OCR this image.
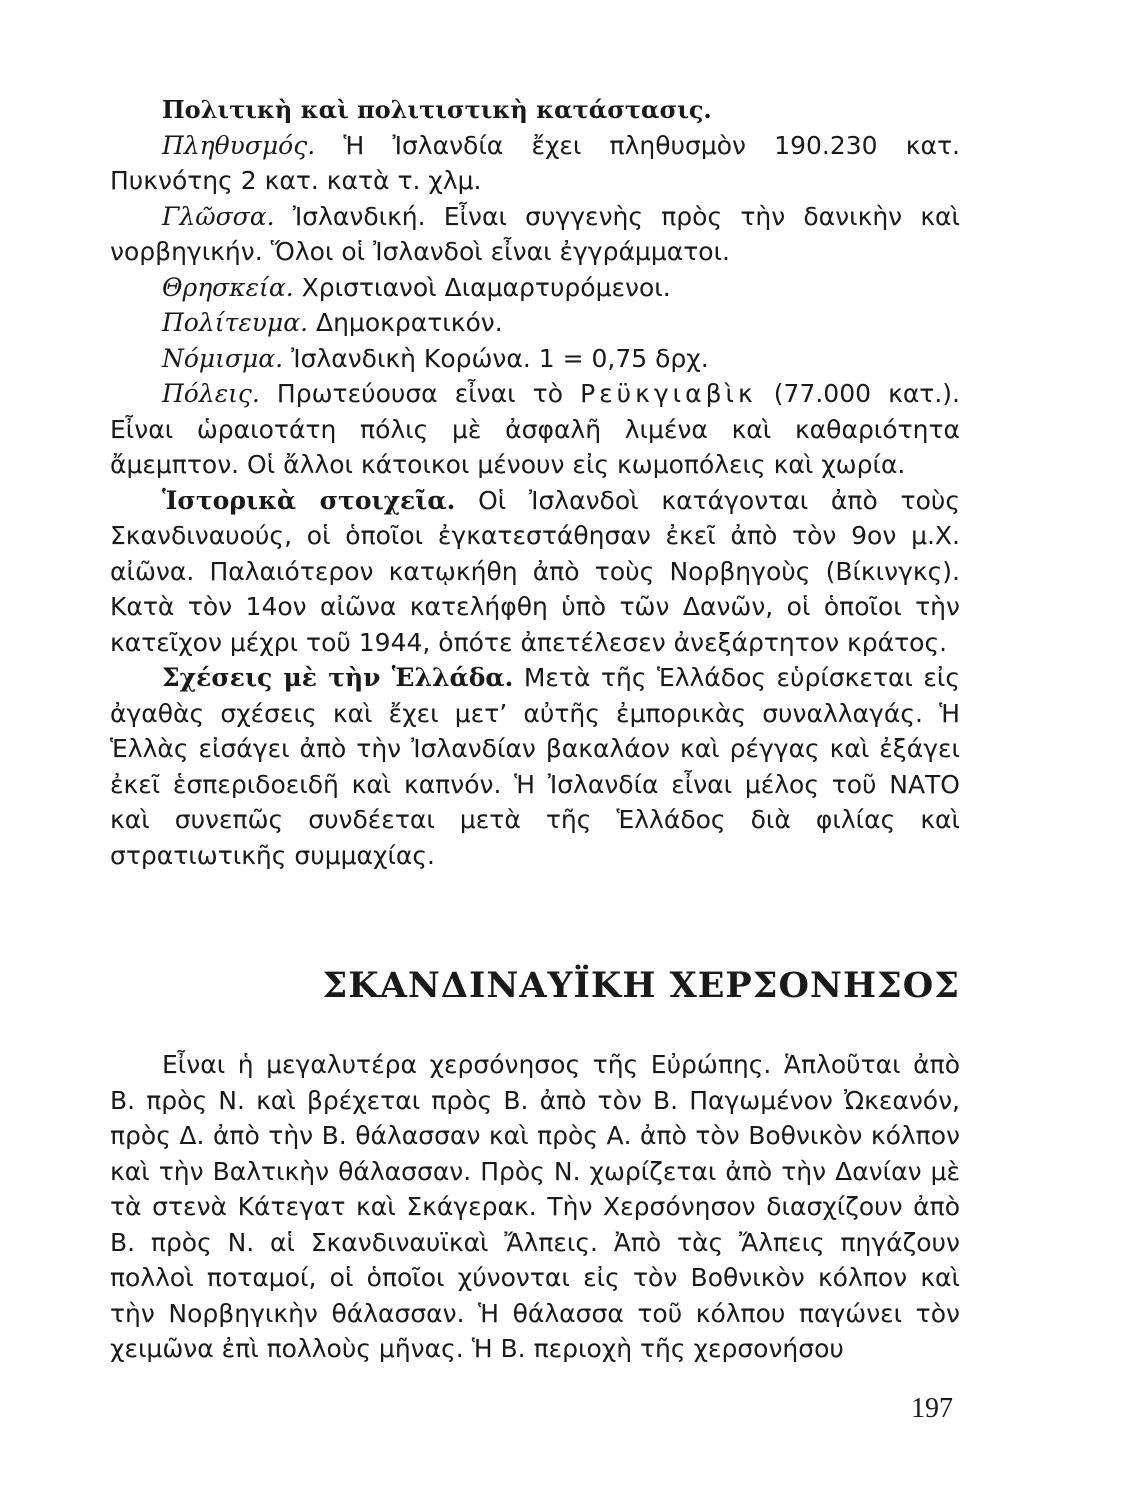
Πολιτικὴ καὶ πολιτιστικὴ κατάστασις.

Πληθυσμός. Ἡ Ἰσλανδία ἔχει πληθυσμὸν 190.230 κατ. Πυκνότης 2 κατ. κατὰ τ. χλμ.

Γλῶσσα. Ἰσλανδική. Εἶναι συγγενὴς πρὸς τὴν δανικὴν καὶ νορβηγικήν. Ὅλοι οἱ Ἰσλανδοὶ εἶναι ἐγγράμματοι.

Θρησκεία. Χριστιανοὶ Διαμαρτυρόμενοι.

Πολίτευμα. Δημοκρατικόν.

Νόμισμα. Ἰσλανδικὴ Κορώνα. 1 = 0,75 δρχ.

Πόλεις. Πρωτεύουσα εἶναι τὸ Ρεϋκγιαβὶκ (77.000 κατ.). Εἶναι ὡραιοτάτη πόλις μὲ ἀσφαλῆ λιμένα καὶ καθαριότητα ἄμεμπτον. Οἱ ἄλλοι κάτοικοι μένουν εἰς κωμοπόλεις καὶ χωρία.

Ἱστορικὰ στοιχεῖα. Οἱ Ἰσλανδοὶ κατάγονται ἀπὸ τοὺς Σκανδιναυούς, οἱ ὁποῖοι ἐγκατεστάθησαν ἐκεῖ ἀπὸ τὸν 9ον μ.Χ. αἰῶνα. Παλαιότερον κατῳκήθη ἀπὸ τοὺς Νορβηγοὺς (Βίκινγκς). Κατὰ τὸν 14ον αἰῶνα κατελήφθη ὑπὸ τῶν Δανῶν, οἱ ὁποῖοι τὴν κατεῖχον μέχρι τοῦ 1944, ὁπότε ἀπετέλεσεν ἀνεξάρτητον κράτος.

Σχέσεις μὲ τὴν Ἑλλάδα. Μετὰ τῆς Ἑλλάδος εὑρίσκεται εἰς ἀγαθὰς σχέσεις καὶ ἔχει μετ’ αὐτῆς ἐμπορικὰς συναλλαγάς. Ἡ Ἑλλὰς εἰσάγει ἀπὸ τὴν Ἰσλανδίαν βακαλάον καὶ ρέγγας καὶ ἐξάγει ἐκεῖ ἑσπεριδοειδῆ καὶ καπνόν. Ἡ Ἰσλανδία εἶναι μέλος τοῦ ΝΑΤΟ καὶ συνεπῶς συνδέεται μετὰ τῆς Ἑλλάδος διὰ φιλίας καὶ στρατιωτικῆς συμμαχίας.

ΣΚΑΝΔΙΝΑΥΪΚΗ ΧΕΡΣΟΝΗΣΟΣ

Εἶναι ἡ μεγαλυτέρα χερσόνησος τῆς Εὐρώπης. Ἁπλοῦται ἀπὸ Β. πρὸς Ν. καὶ βρέχεται πρὸς Β. ἀπὸ τὸν Β. Παγωμένον Ὠκεανόν, πρὸς Δ. ἀπὸ τὴν Β. θάλασσαν καὶ πρὸς Α. ἀπὸ τὸν Βοθνικὸν κόλπον καὶ τὴν Βαλτικὴν θάλασσαν. Πρὸς Ν. χωρίζεται ἀπὸ τὴν Δανίαν μὲ τὰ στενὰ Κάτεγατ καὶ Σκάγερακ. Τὴν Χερσόνησον διασχίζουν ἀπὸ Β. πρὸς Ν. αἱ Σκανδιναυϊκαὶ Ἄλπεις. Ἀπὸ τὰς Ἄλπεις πηγάζουν πολλοὶ ποταμοί, οἱ ὁποῖοι χύνονται εἰς τὸν Βοθνικὸν κόλπον καὶ τὴν Νορβηγικὴν θάλασσαν. Ἡ θάλασσα τοῦ κόλπου παγώνει τὸν χειμῶνα ἐπὶ πολλοὺς μῆνας. Ἡ Β. περιοχὴ τῆς χερσονήσου

197
